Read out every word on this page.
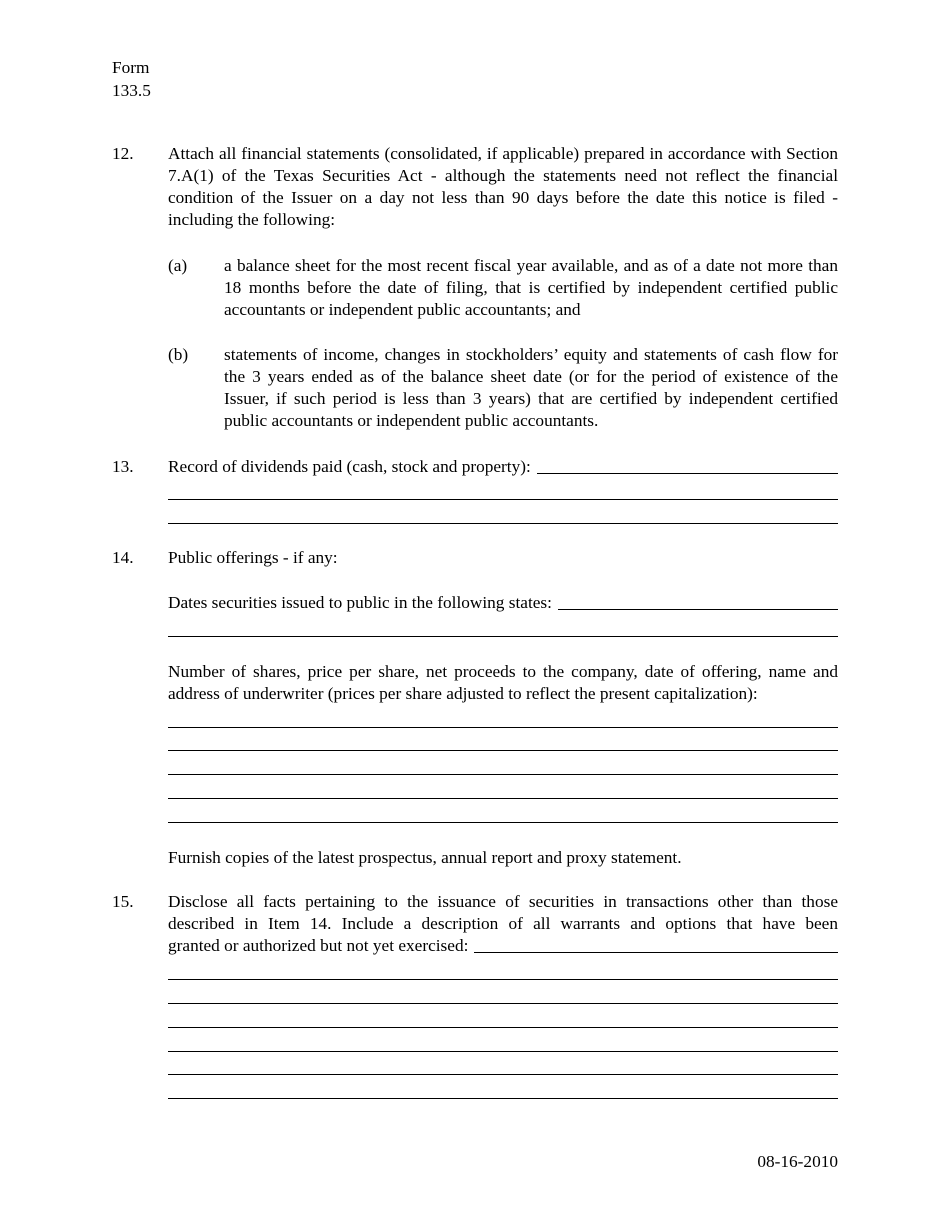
Form
133.5
12. Attach all financial statements (consolidated, if applicable) prepared in accordance with Section 7.A(1) of the Texas Securities Act - although the statements need not reflect the financial condition of the Issuer on a day not less than 90 days before the date this notice is filed - including the following:
(a) a balance sheet for the most recent fiscal year available, and as of a date not more than 18 months before the date of filing, that is certified by independent certified public accountants or independent public accountants; and
(b) statements of income, changes in stockholders’ equity and statements of cash flow for the 3 years ended as of the balance sheet date (or for the period of existence of the Issuer, if such period is less than 3 years) that are certified by independent certified public accountants or independent public accountants.
13. Record of dividends paid (cash, stock and property):
14. Public offerings - if any:
Dates securities issued to public in the following states:
Number of shares, price per share, net proceeds to the company, date of offering, name and address of underwriter (prices per share adjusted to reflect the present capitalization):
Furnish copies of the latest prospectus, annual report and proxy statement.
15. Disclose all facts pertaining to the issuance of securities in transactions other than those described in Item 14. Include a description of all warrants and options that have been
granted or authorized but not yet exercised:
08-16-2010
